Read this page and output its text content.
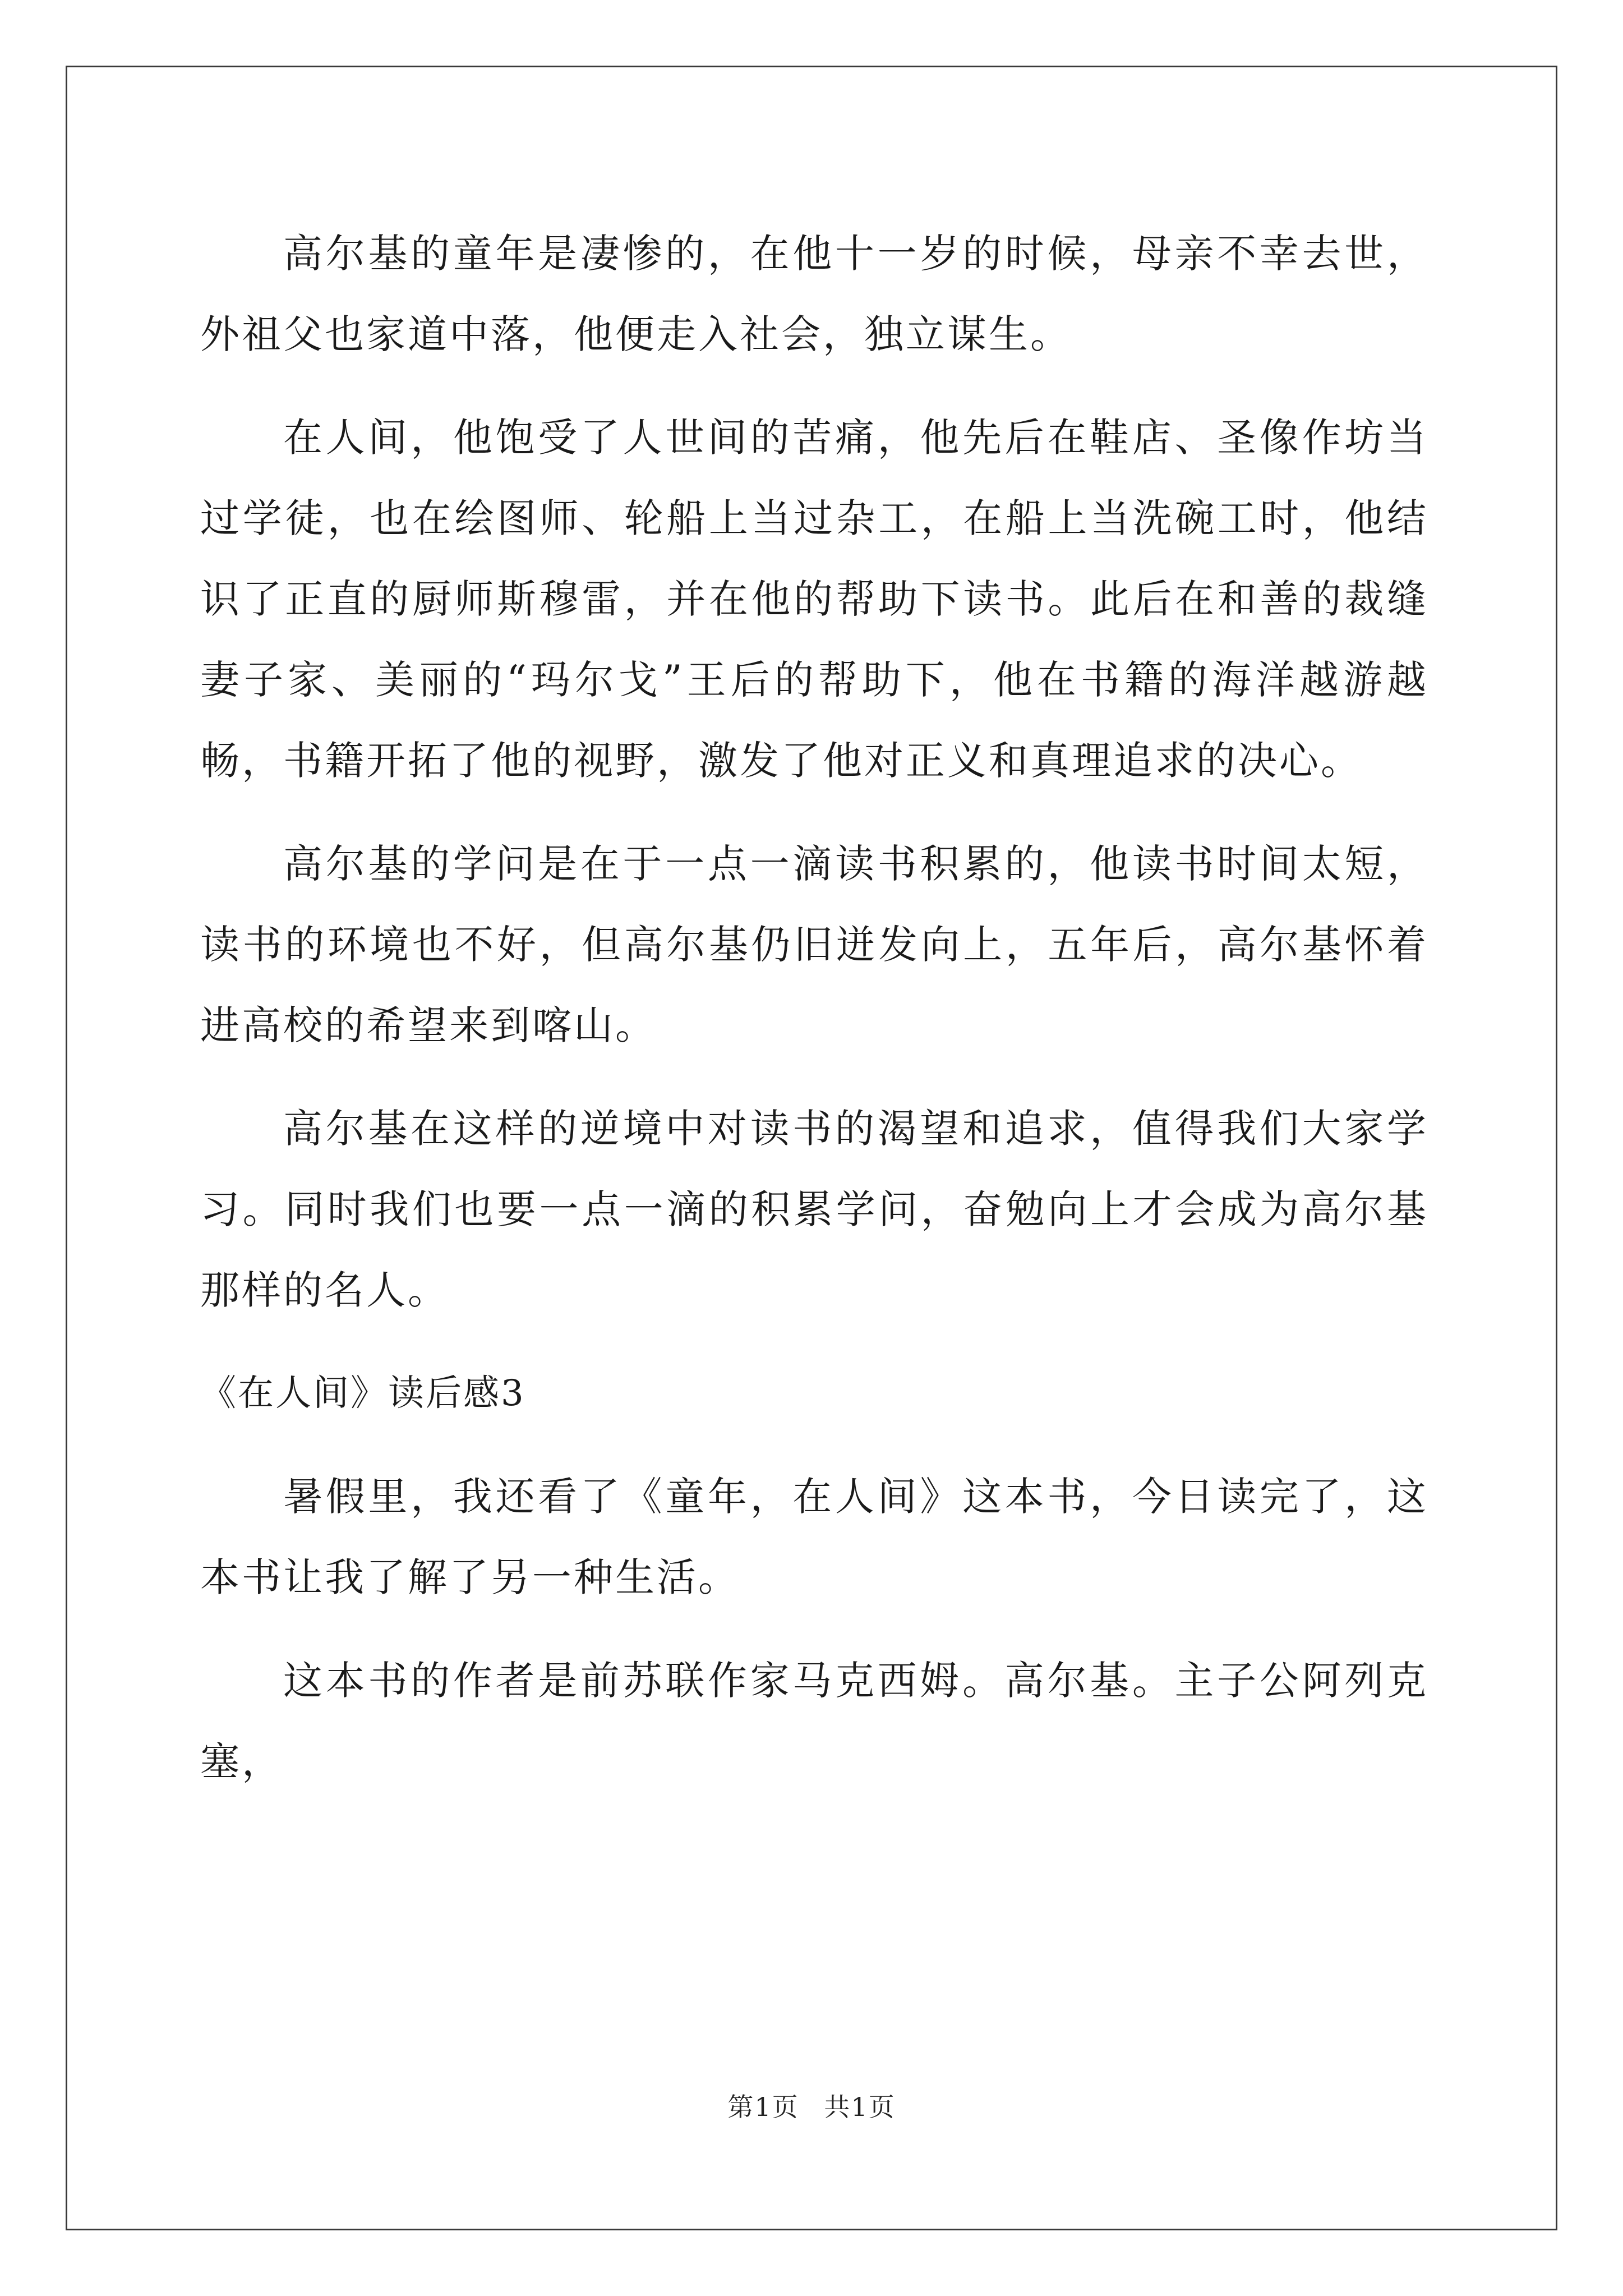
高尔基的童年是凄惨的，在他十一岁的时候，母亲不幸去世，外祖父也家道中落，他便走入社会，独立谋生。

在人间，他饱受了人世间的苦痛，他先后在鞋店、圣像作坊当过学徒，也在绘图师、轮船上当过杂工，在船上当洗碗工时，他结识了正直的厨师斯穆雷，并在他的帮助下读书。此后在和善的裁缝妻子家、美丽的“玛尔戈”王后的帮助下，他在书籍的海洋越游越畅，书籍开拓了他的视野，激发了他对正义和真理追求的决心。

高尔基的学问是在于一点一滴读书积累的，他读书时间太短，读书的环境也不好，但高尔基仍旧迸发向上，五年后，高尔基怀着进高校的希望来到喀山。

高尔基在这样的逆境中对读书的渴望和追求，值得我们大家学习。同时我们也要一点一滴的积累学问，奋勉向上才会成为高尔基那样的名人。

《在人间》读后感3

暑假里，我还看了《童年，在人间》这本书，今日读完了，这本书让我了解了另一种生活。

这本书的作者是前苏联作家马克西姆。高尔基。主子公阿列克塞，

第1页 共1页
